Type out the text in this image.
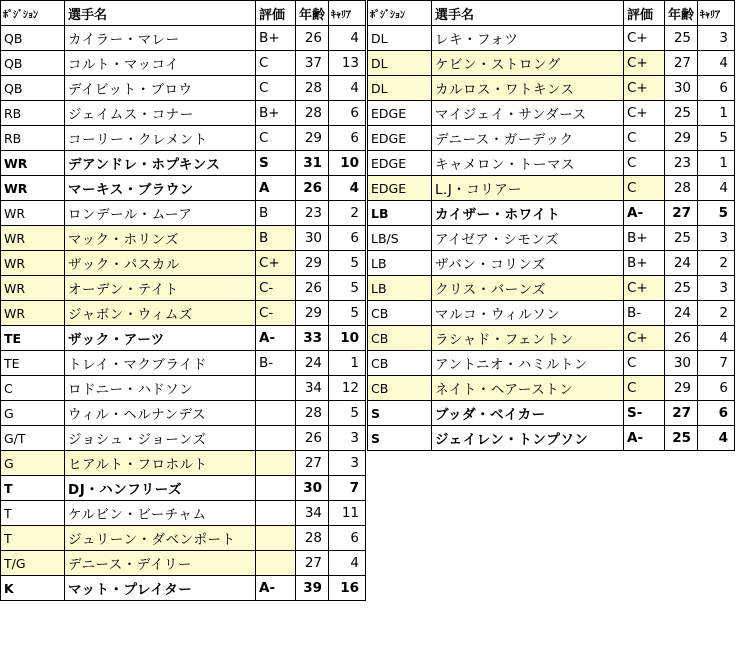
ﾎﾟｼﾞｼｮﾝ	選手名	評価	年齢	ｷｬﾘｱ
QB	カイラー・マレー	B+	26	4
QB	コルト・マッコイ	C	37	13
QB	デイビット・ブロウ	C	28	4
RB	ジェイムス・コナー	B+	28	6
RB	コーリー・クレメント	C	29	6
WR	デアンドレ・ホプキンス	S	31	10
WR	マーキス・ブラウン	A	26	4
WR	ロンデール・ムーア	B	23	2
WR	マック・ホリンズ	B	30	6
WR	ザック・パスカル	C+	29	5
WR	オーデン・テイト	C-	26	5
WR	ジャボン・ウィムズ	C-	29	5
TE	ザック・アーツ	A-	33	10
TE	トレイ・マクブライド	B-	24	1
C	ロドニー・ハドソン		34	12
G	ウィル・ヘルナンデス		28	5
G/T	ジョシュ・ジョーンズ		26	3
G	ヒアルト・フロホルト		27	3
T	DJ・ハンフリーズ		30	7
T	ケルビン・ビーチャム		34	11
T	ジュリーン・ダベンポート		28	6
T/G	デニース・デイリー		27	4
K	マット・プレイター	A-	39	16
ﾎﾟｼﾞｼｮﾝ	選手名	評価	年齢	ｷｬﾘｱ
DL	レキ・フォツ	C+	25	3
DL	ケビン・ストロング	C+	27	4
DL	カルロス・ワトキンス	C+	30	6
EDGE	マイジェイ・サンダース	C+	25	1
EDGE	デニース・ガーデック	C	29	5
EDGE	キャメロン・トーマス	C	23	1
EDGE	L.J・コリアー	C	28	4
LB	カイザー・ホワイト	A-	27	5
LB/S	アイゼア・シモンズ	B+	25	3
LB	ザバン・コリンズ	B+	24	2
LB	クリス・バーンズ	C+	25	3
CB	マルコ・ウィルソン	B-	24	2
CB	ラシャド・フェントン	C+	26	4
CB	アントニオ・ハミルトン	C	30	7
CB	ネイト・ヘアーストン	C	29	6
S	ブッダ・ベイカー	S-	27	6
S	ジェイレン・トンプソン	A-	25	4
